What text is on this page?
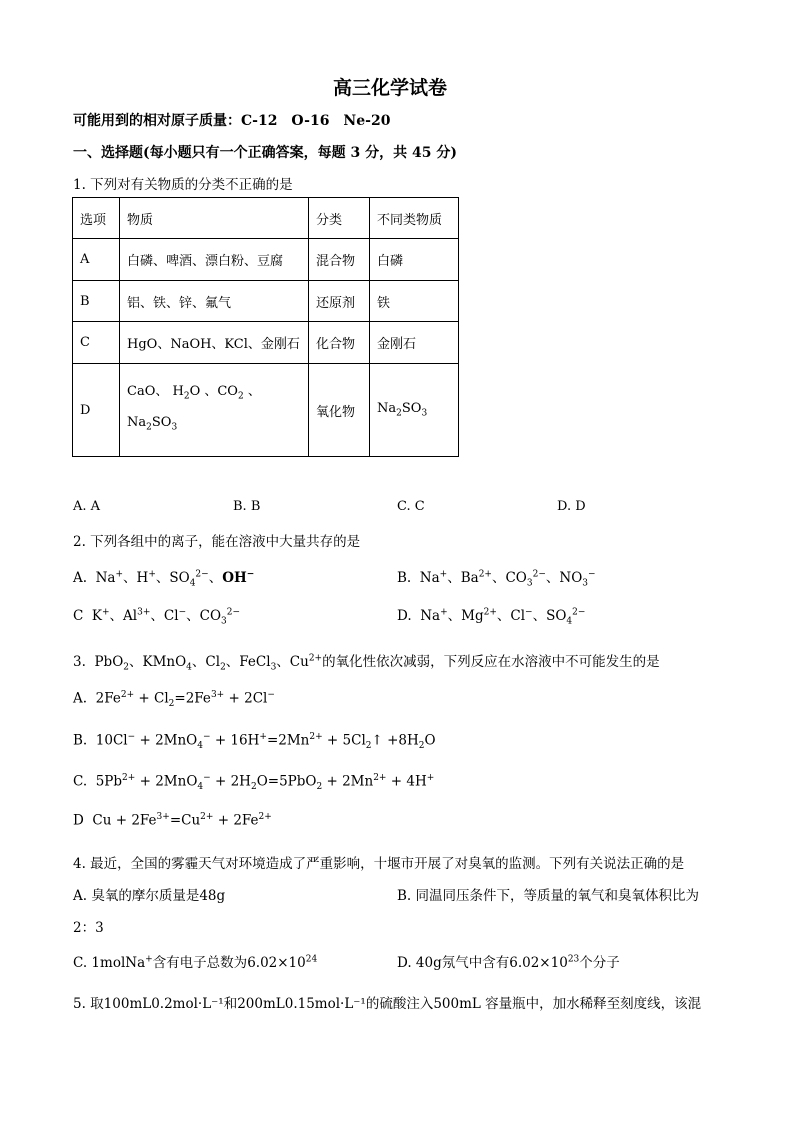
高三化学试卷
可能用到的相对原子质量：C-12　O-16　Ne-20
一、选择题(每小题只有一个正确答案，每题 3 分，共 45 分)
1. 下列对有关物质的分类不正确的是
选项	物质	分类	不同类物质
A	白磷、啤酒、漂白粉、豆腐	混合物	白磷
B	铝、铁、锌、氟气	还原剂	铁
C	HgO、NaOH、KCl、金刚石	化合物	金刚石
D	CaO、 $H_2O$ 、$CO_2$ 、
$Na_2SO_3$	氧化物	$Na_2SO_3$
A. A	B. B	C. C	D. D
2. 下列各组中的离子，能在溶液中大量共存的是
A.  Na+、H+、$SO_4^{2-}$、OH−	B.  Na+、$Ba^{2+}$、$CO_3^{2-}$、$NO_3^-$
C  K+、$Al^{3+}$、Cl−、$CO_3^{2-}$	D.  Na+、$Mg^{2+}$、Cl−、$SO_4^{2-}$
3.  PbO$_2$、KMnO$_4$、$Cl_2$、FeCl$_3$、$Cu^{2+}$的氧化性依次减弱，下列反应在水溶液中不可能发生的是
A.  $2Fe^{2+} + Cl_2=2Fe^{3+} + 2Cl^-$
B.  $10Cl^- + 2MnO_4^- + 16H^+=2Mn^{2+}$ + $5Cl_2↑ +8H_2O$
C.  $5Pb^{2+} + 2MnO_4^- + 2H_2O=5PbO_2 + 2Mn^{2+} + 4H^+$
D  $Cu + 2Fe^{3+}=Cu^{2+} + 2Fe^{2+}$
4. 最近，全国的雾霾天气对环境造成了严重影响，十堰市开展了对臭氧的监测。下列有关说法正确的是
A. 臭氧的摩尔质量是48g	B. 同温同压条件下，等质量的氧气和臭氧体积比为
2：3
C. 1molNa+含有电子总数为$6.02\times 10^{24}$	D. 40g氖气中含有$6.02\times 10^{23}$个分子
5. 取100mL0.2mol·L⁻¹和200mL0.15mol·L⁻¹的硫酸注入500mL 容量瓶中，加水稀释至刻度线，该混
